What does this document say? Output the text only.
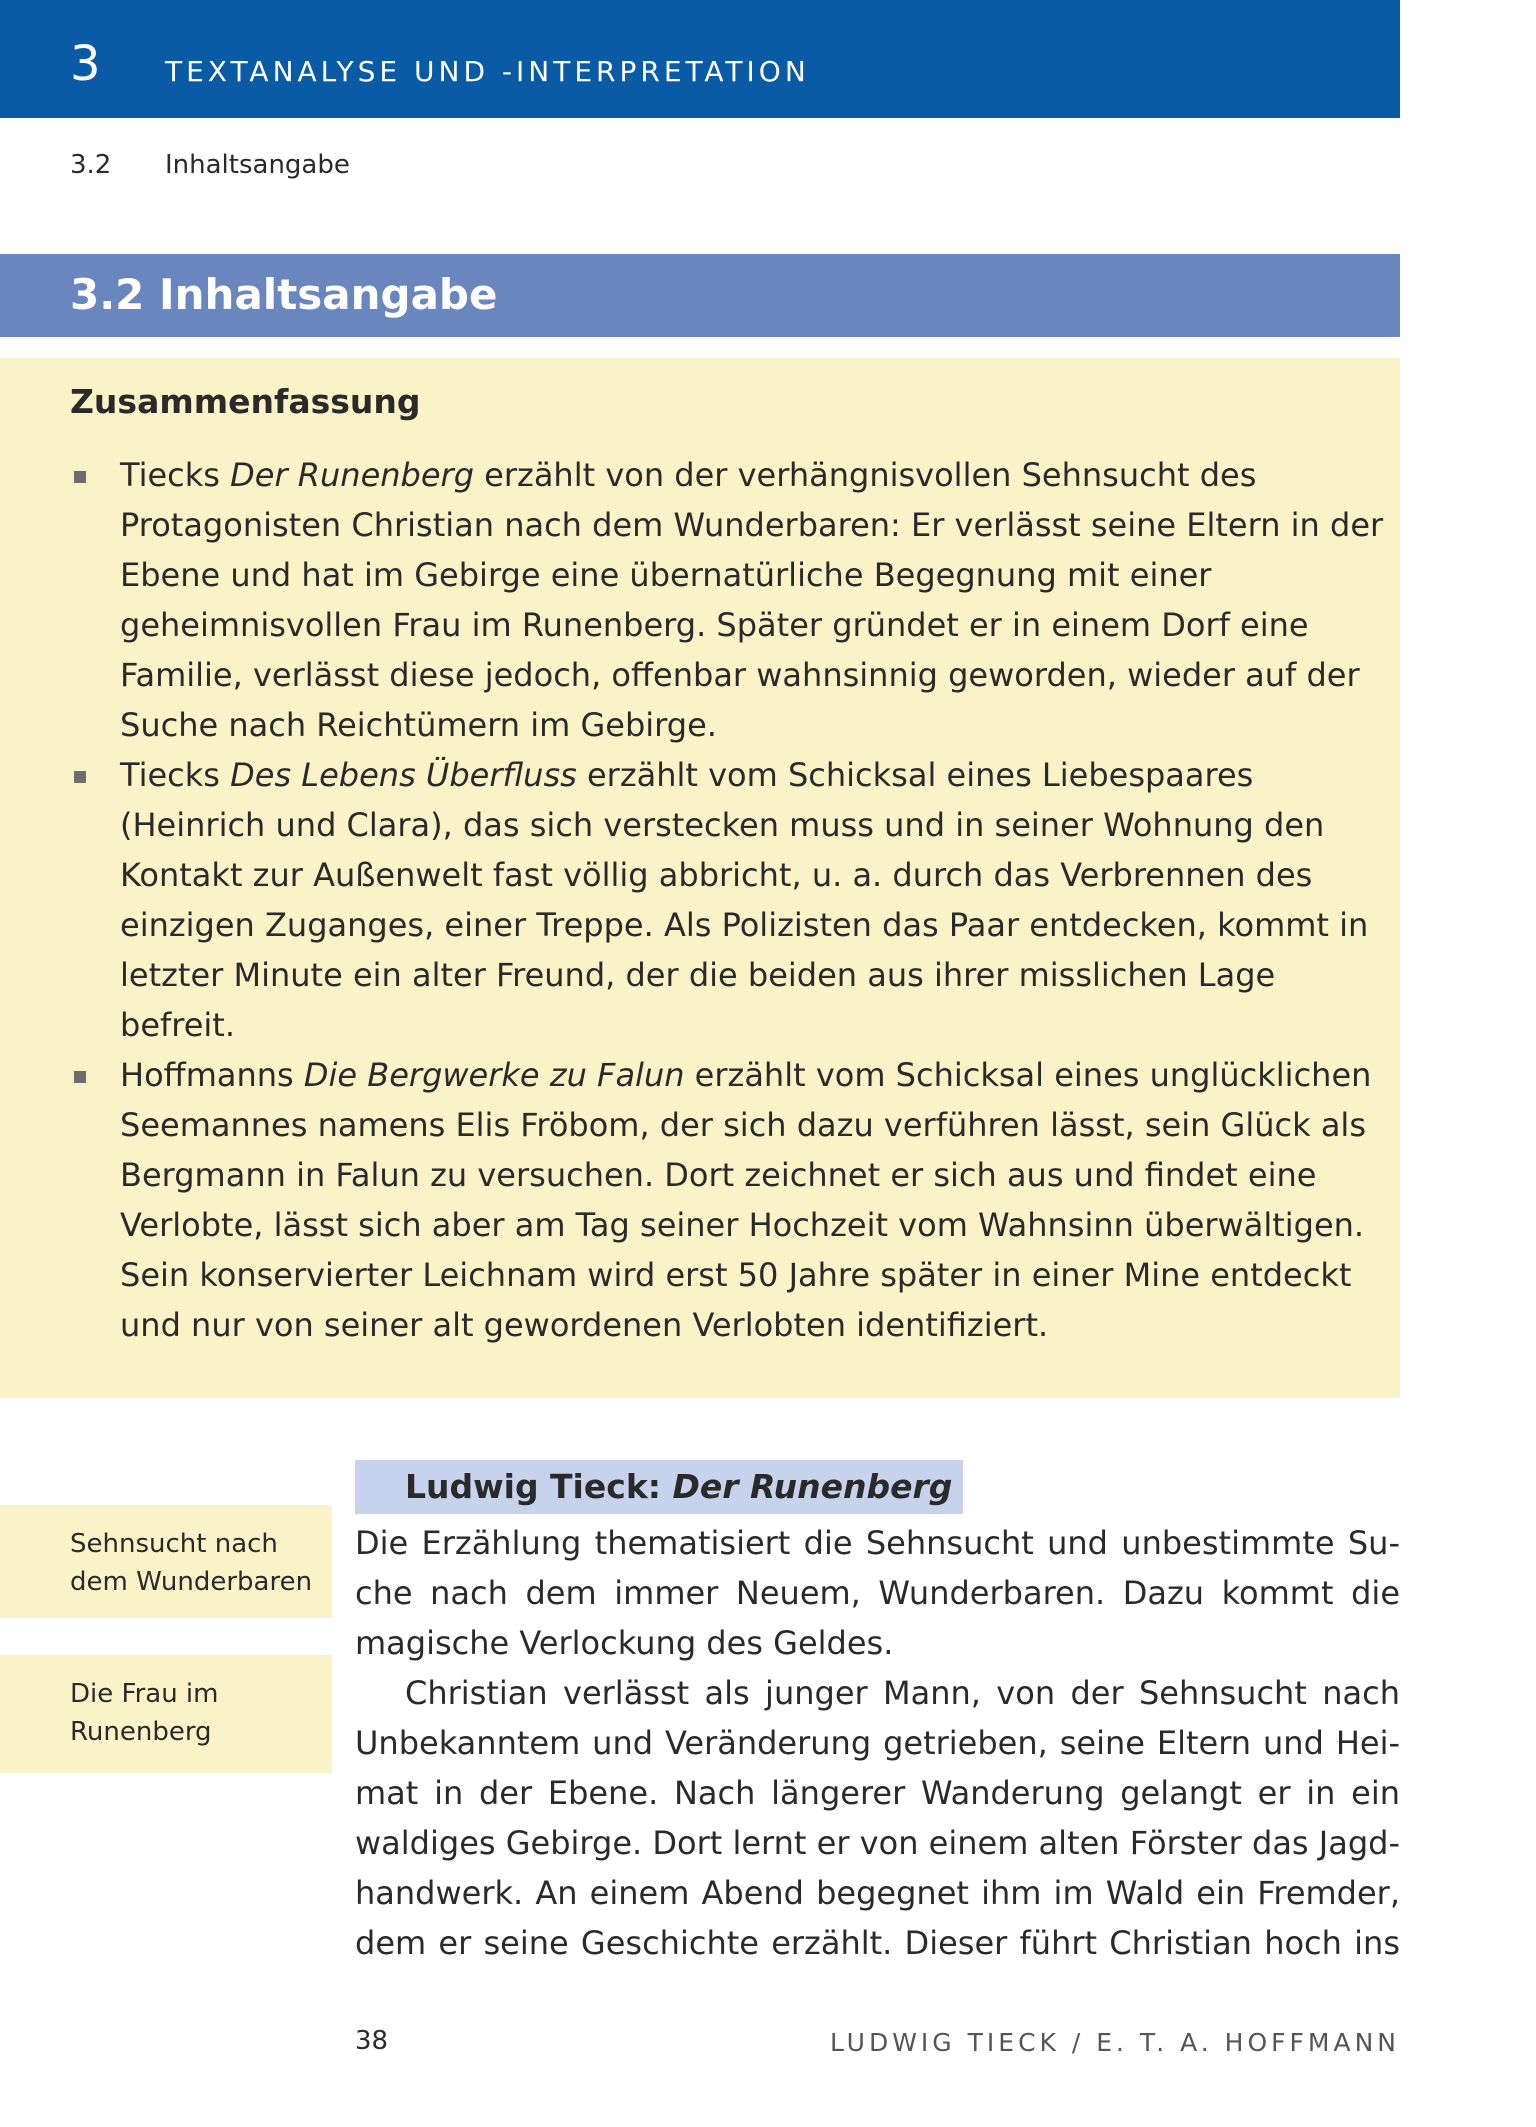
3 TEXTANALYSE UND -INTERPRETATION
3.2 Inhaltsangabe
3.2 Inhaltsangabe
Zusammenfassung
Tiecks Der Runenberg erzählt von der verhängnisvollen Sehnsucht des Protagonisten Christian nach dem Wunderbaren: Er verlässt seine Eltern in der Ebene und hat im Gebirge eine übernatürliche Begegnung mit einer geheimnisvollen Frau im Runenberg. Später gründet er in einem Dorf eine Familie, verlässt diese jedoch, offenbar wahnsinnig geworden, wieder auf der Suche nach Reichtümern im Gebirge.
Tiecks Des Lebens Überfluss erzählt vom Schicksal eines Liebespaares (Heinrich und Clara), das sich verstecken muss und in seiner Wohnung den Kontakt zur Außenwelt fast völlig abbricht, u. a. durch das Verbrennen des einzigen Zuganges, einer Treppe. Als Polizisten das Paar entdecken, kommt in letzter Minute ein alter Freund, der die beiden aus ihrer misslichen Lage befreit.
Hoffmanns Die Bergwerke zu Falun erzählt vom Schicksal eines unglücklichen Seemannes namens Elis Fröbom, der sich dazu verführen lässt, sein Glück als Bergmann in Falun zu versuchen. Dort zeichnet er sich aus und findet eine Verlobte, lässt sich aber am Tag seiner Hochzeit vom Wahnsinn überwältigen. Sein konservierter Leichnam wird erst 50 Jahre später in einer Mine entdeckt und nur von seiner alt gewordenen Verlobten identifiziert.
Ludwig Tieck: Der Runenberg
Sehnsucht nach dem Wunderbaren
Die Frau im Runenberg

Die Erzählung thematisiert die Sehnsucht und unbestimmte Su-
che nach dem immer Neuem, Wunderbaren. Dazu kommt die
magische Verlockung des Geldes.

Christian verlässt als junger Mann, von der Sehnsucht nach
Unbekanntem und Veränderung getrieben, seine Eltern und Hei-
mat in der Ebene. Nach längerer Wanderung gelangt er in ein
waldiges Gebirge. Dort lernt er von einem alten Förster das Jagd-
handwerk. An einem Abend begegnet ihm im Wald ein Fremder,
dem er seine Geschichte erzählt. Dieser führt Christian hoch ins

38	LUDWIG TIECK / E. T. A. HOFFMANN
